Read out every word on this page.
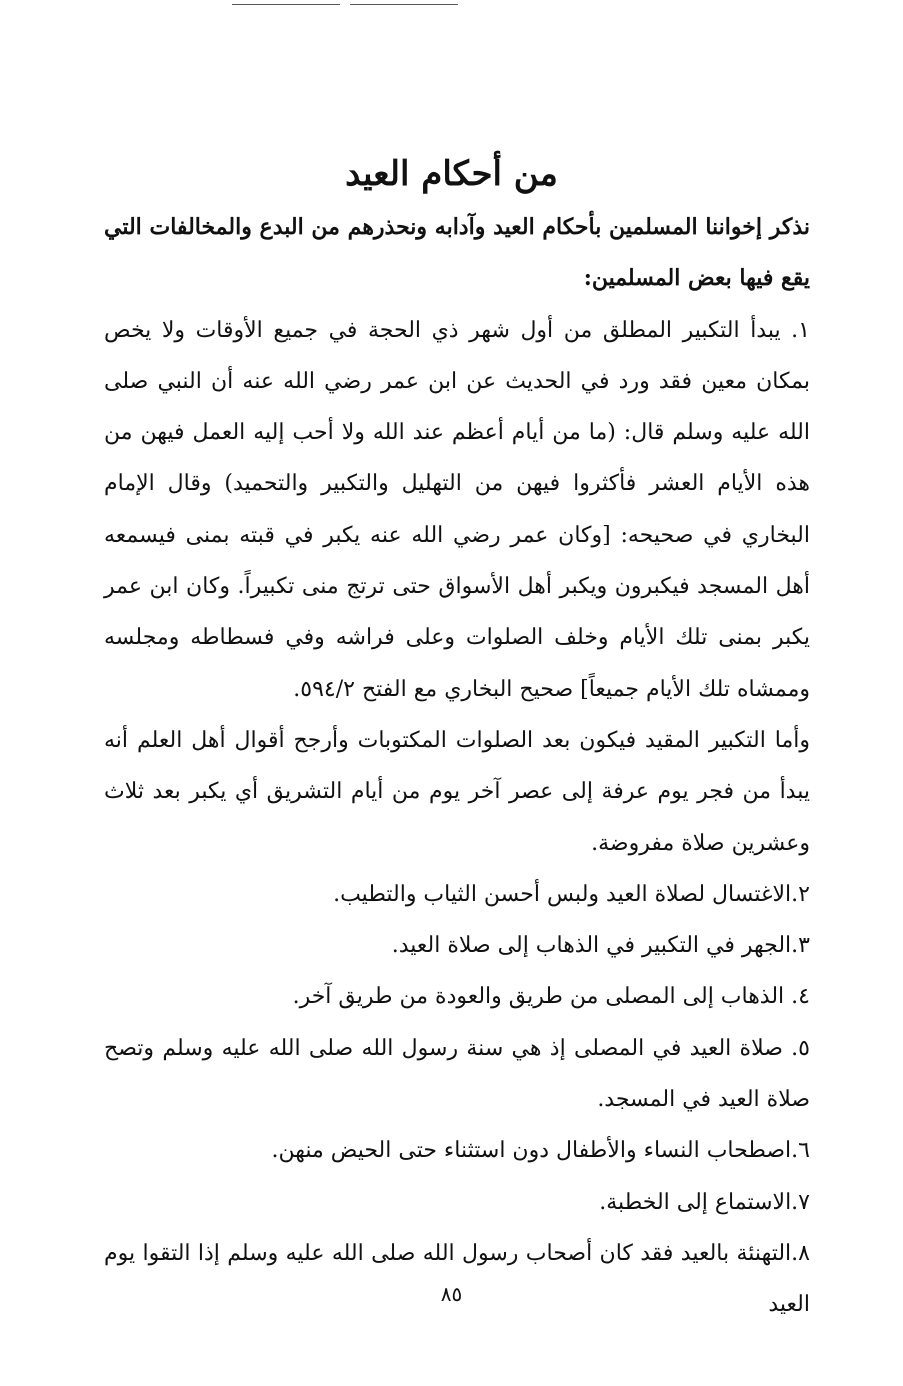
من أحكام العيد

نذكر إخواننا المسلمين بأحكام العيد وآدابه ونحذرهم من البدع والمخالفات التي يقع فيها بعض المسلمين:

١. يبدأ التكبير المطلق من أول شهر ذي الحجة في جميع الأوقات ولا يخص بمكان معين فقد ورد في الحديث عن ابن عمر رضي الله عنه أن النبي صلى الله عليه وسلم قال: (ما من أيام أعظم عند الله ولا أحب إليه العمل فيهن من هذه الأيام العشر فأكثروا فيهن من التهليل والتكبير والتحميد) وقال الإمام البخاري في صحيحه: [وكان عمر رضي الله عنه يكبر في قبته بمنى فيسمعه أهل المسجد فيكبرون ويكبر أهل الأسواق حتى ترتج منى تكبيراً. وكان ابن عمر يكبر بمنى تلك الأيام وخلف الصلوات وعلى فراشه وفي فسطاطه ومجلسه وممشاه تلك الأيام جميعاً] صحيح البخاري مع الفتح ٥٩٤/٢.

وأما التكبير المقيد فيكون بعد الصلوات المكتوبات وأرجح أقوال أهل العلم أنه يبدأ من فجر يوم عرفة إلى عصر آخر يوم من أيام التشريق أي يكبر بعد ثلاث وعشرين صلاة مفروضة.

٢.الاغتسال لصلاة العيد ولبس أحسن الثياب والتطيب.

٣.الجهر في التكبير في الذهاب إلى صلاة العيد.

٤. الذهاب إلى المصلى من طريق والعودة من طريق آخر.

٥. صلاة العيد في المصلى إذ هي سنة رسول الله صلى الله عليه وسلم وتصح صلاة العيد في المسجد.

٦.اصطحاب النساء والأطفال دون استثناء حتى الحيض منهن.

٧.الاستماع إلى الخطبة.

٨.التهنئة بالعيد فقد كان أصحاب رسول الله صلى الله عليه وسلم إذا التقوا يوم العيد

٨٥
